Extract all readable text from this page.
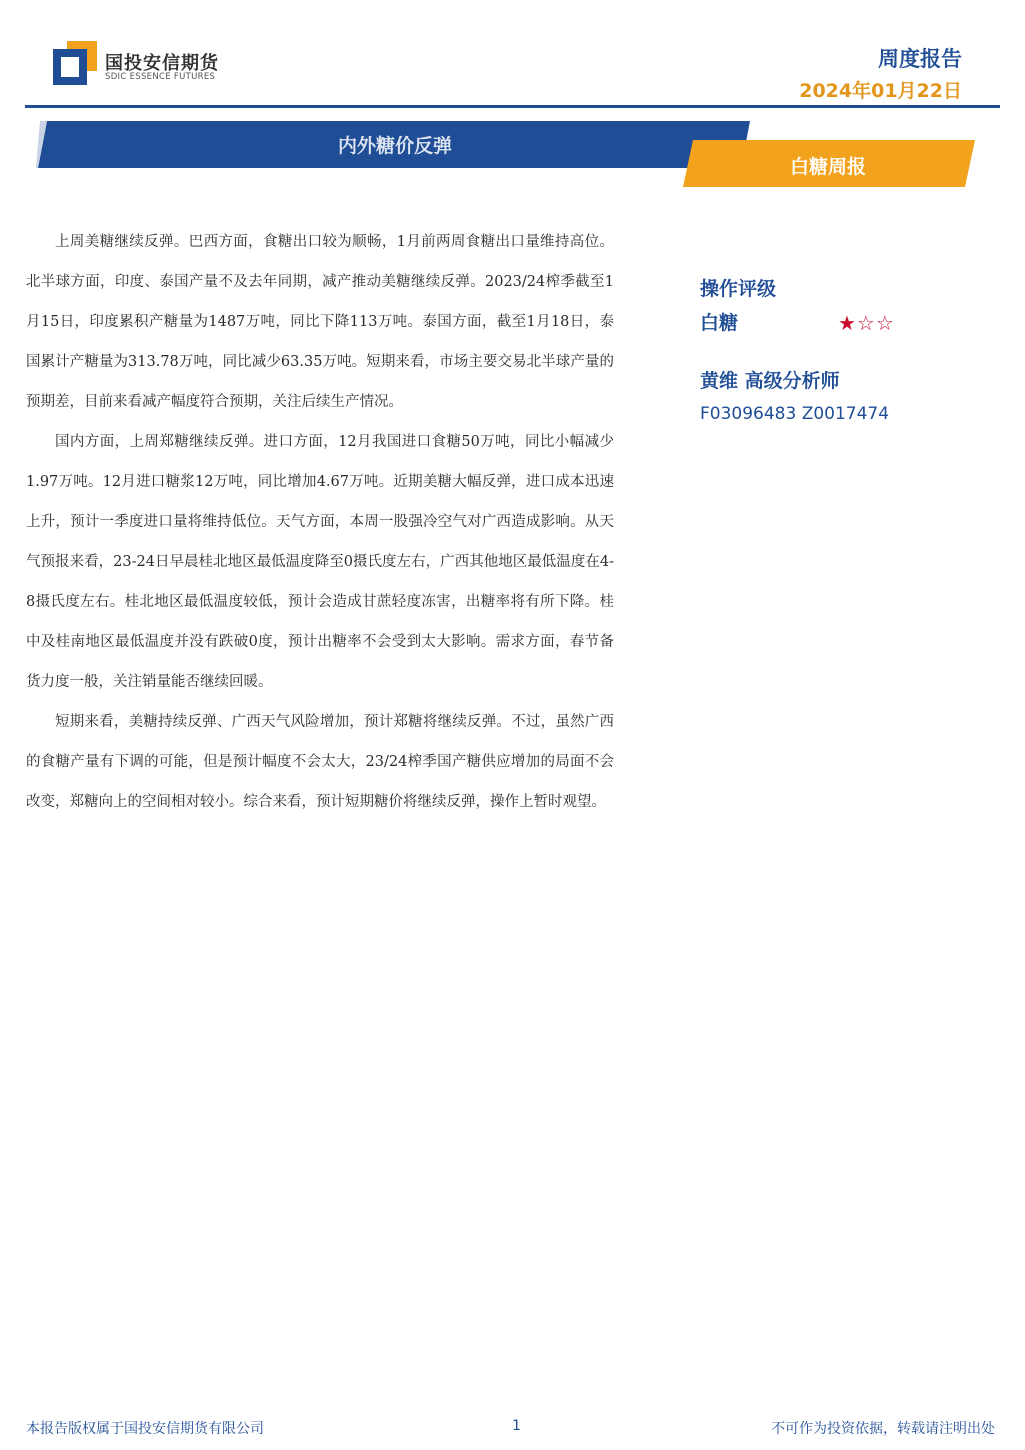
国投安信期货
SDIC ESSENCE FUTURES
周度报告
2024年01月22日
内外糖价反弹
白糖周报

上周美糖继续反弹。巴西方面，食糖出口较为顺畅，1月前两周食糖出口量维持高位。北半球方面，印度、泰国产量不及去年同期，减产推动美糖继续反弹。2023/24榨季截至1月15日，印度累积产糖量为1487万吨，同比下降113万吨。泰国方面，截至1月18日，泰国累计产糖量为313.78万吨，同比减少63.35万吨。短期来看，市场主要交易北半球产量的预期差，目前来看减产幅度符合预期，关注后续生产情况。

国内方面，上周郑糖继续反弹。进口方面，12月我国进口食糖50万吨，同比小幅减少1.97万吨。12月进口糖浆12万吨，同比增加4.67万吨。近期美糖大幅反弹，进口成本迅速上升，预计一季度进口量将维持低位。天气方面，本周一股强冷空气对广西造成影响。从天气预报来看，23-24日早晨桂北地区最低温度降至0摄氏度左右，广西其他地区最低温度在4-8摄氏度左右。桂北地区最低温度较低，预计会造成甘蔗轻度冻害，出糖率将有所下降。桂中及桂南地区最低温度并没有跌破0度，预计出糖率不会受到太大影响。需求方面，春节备货力度一般，关注销量能否继续回暖。

短期来看，美糖持续反弹、广西天气风险增加，预计郑糖将继续反弹。不过，虽然广西的食糖产量有下调的可能，但是预计幅度不会太大，23/24榨季国产糖供应增加的局面不会改变，郑糖向上的空间相对较小。综合来看，预计短期糖价将继续反弹，操作上暂时观望。

操作评级
白糖	★☆☆
黄维 高级分析师
F03096483 Z0017474
本报告版权属于国投安信期货有限公司	1	不可作为投资依据，转载请注明出处
